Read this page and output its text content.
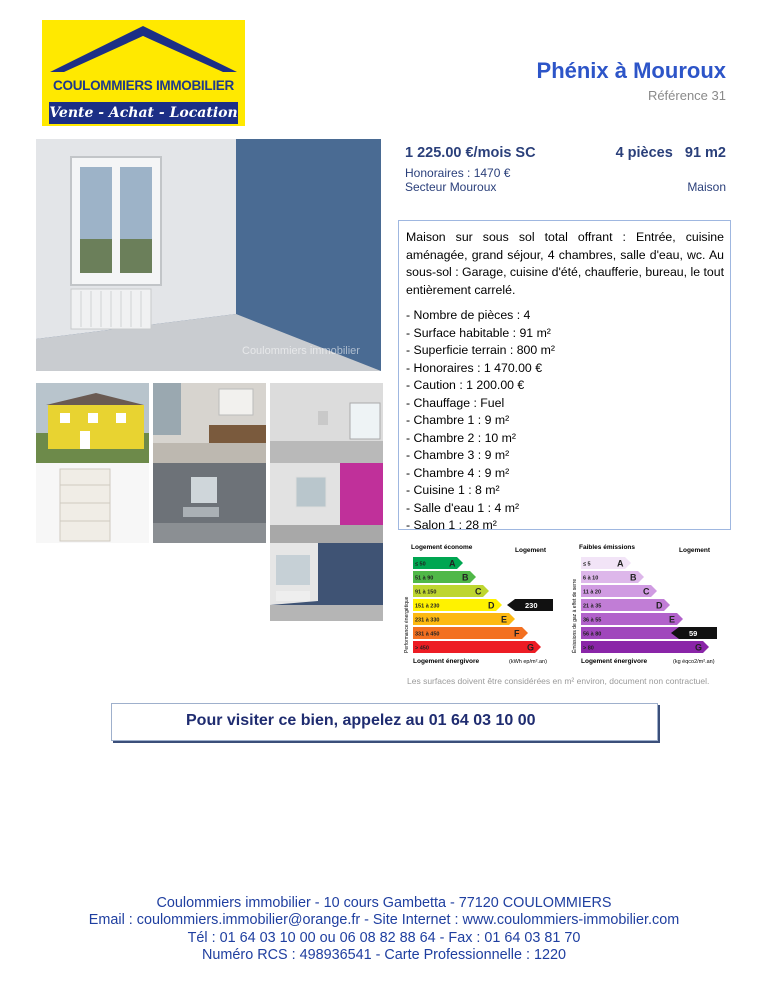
COULOMMIERS IMMOBILIER
Vente - Achat - Location
Phénix à Mouroux
Référence 31
Coulommiers immobilier
1 225.00 €/mois SC	4 pièces   91 m2
Honoraires : 1470 €
Secteur Mouroux	Maison

Maison sur sous sol total offrant : Entrée, cuisine aménagée, grand séjour, 4 chambres, salle d'eau, wc. Au sous-sol : Garage, cuisine d'été, chaufferie, bureau, le tout entièrement carrelé.

- Nombre de pièces : 4
- Surface habitable : 91 m²
- Superficie terrain : 800 m²
- Honoraires : 1 470.00 €
- Caution : 1 200.00 €
- Chauffage : Fuel
- Chambre 1 : 9 m²
- Chambre 2 : 10 m²
- Chambre 3 : 9 m²
- Chambre 4 : 9 m²
- Cuisine 1 : 8 m²
- Salle d'eau 1 : 4 m²
- Salon 1 : 28 m²
Logement économe	Logement
Performance énergétique
≤ 50	A
51 à 90	B
91 à 150	C
151 à 230	D
231 à 330	E
331 à 450	F
> 450	G
230
Logement énergivore	(kWh ep/m².an)
Faibles émissions	Logement
Émissions de gaz à effet de serre
≤ 5	A
6 à 10	B
11 à 20	C
21 à 35	D
36 à 55	E
56 à 80
> 80	G
59
Logement énergivore	(kg éqco2/m².an)
Les surfaces doivent être considérées en m² environ, document non contractuel.
Pour visiter ce bien, appelez au 01 64 03 10 00
Coulommiers immobilier - 10 cours Gambetta - 77120 COULOMMIERS
Email : coulommiers.immobilier@orange.fr - Site Internet : www.coulommiers-immobilier.com
Tél : 01 64 03 10 00 ou 06 08 82 88 64 - Fax : 01 64 03 81 70
Numéro RCS : 498936541 - Carte Professionnelle : 1220
